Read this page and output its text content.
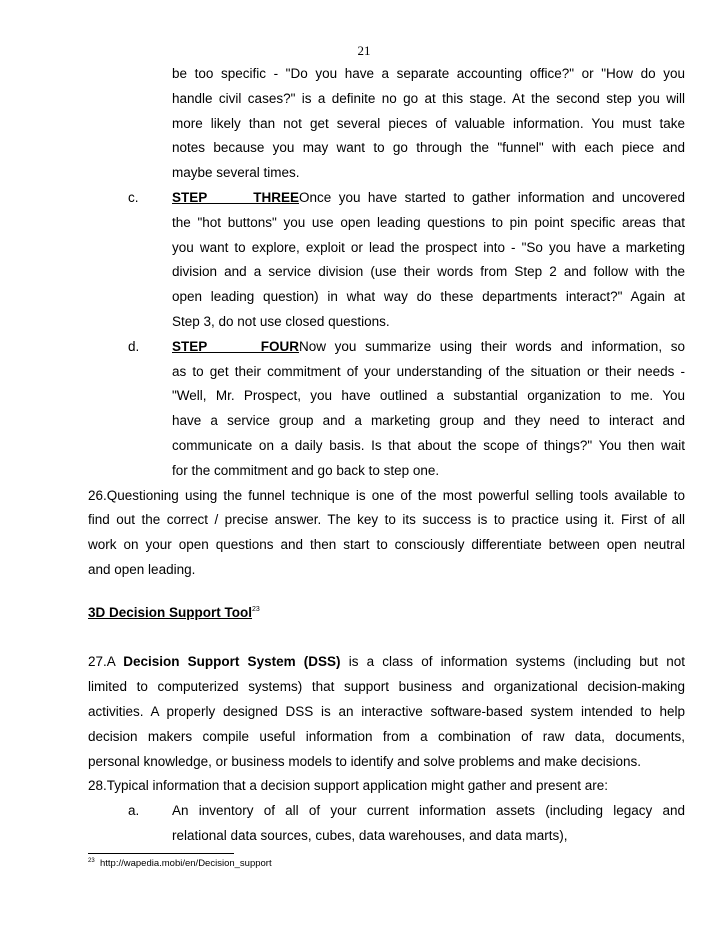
21
be too specific - "Do you have a separate accounting office?" or "How do you
handle civil cases?" is a definite no go at this stage. At the second step you will
more likely than not get several pieces of valuable information. You must take
notes because you may want to go through the "funnel" with each piece and
maybe several times.
c. STEP THREEOnce you have started to gather information and uncovered
the "hot buttons" you use open leading questions to pin point specific areas that
you want to explore, exploit or lead the prospect into - "So you have a marketing
division and a service division (use their words from Step 2 and follow with the
open leading question) in what way do these departments interact?" Again at
Step 3, do not use closed questions.
d. STEP FOURNow you summarize using their words and information, so
as to get their commitment of your understanding of the situation or their needs -
"Well, Mr. Prospect, you have outlined a substantial organization to me. You
have a service group and a marketing group and they need to interact and
communicate on a daily basis. Is that about the scope of things?" You then wait
for the commitment and go back to step one.
26.Questioning using the funnel technique is one of the most powerful selling tools available to
find out the correct / precise answer. The key to its success is to practice using it. First of all
work on your open questions and then start to consciously differentiate between open neutral
and open leading.
3D Decision Support Tool$^{23}$
27.A Decision Support System (DSS) is a class of information systems (including but not
limited to computerized systems) that support business and organizational decision-making
activities. A properly designed DSS is an interactive software-based system intended to help
decision makers compile useful information from a combination of raw data, documents,
personal knowledge, or business models to identify and solve problems and make decisions.
28.Typical information that a decision support application might gather and present are:
a. An inventory of all of your current information assets (including legacy and
relational data sources, cubes, data warehouses, and data marts),
$^{23}$ http://wapedia.mobi/en/Decision_support
